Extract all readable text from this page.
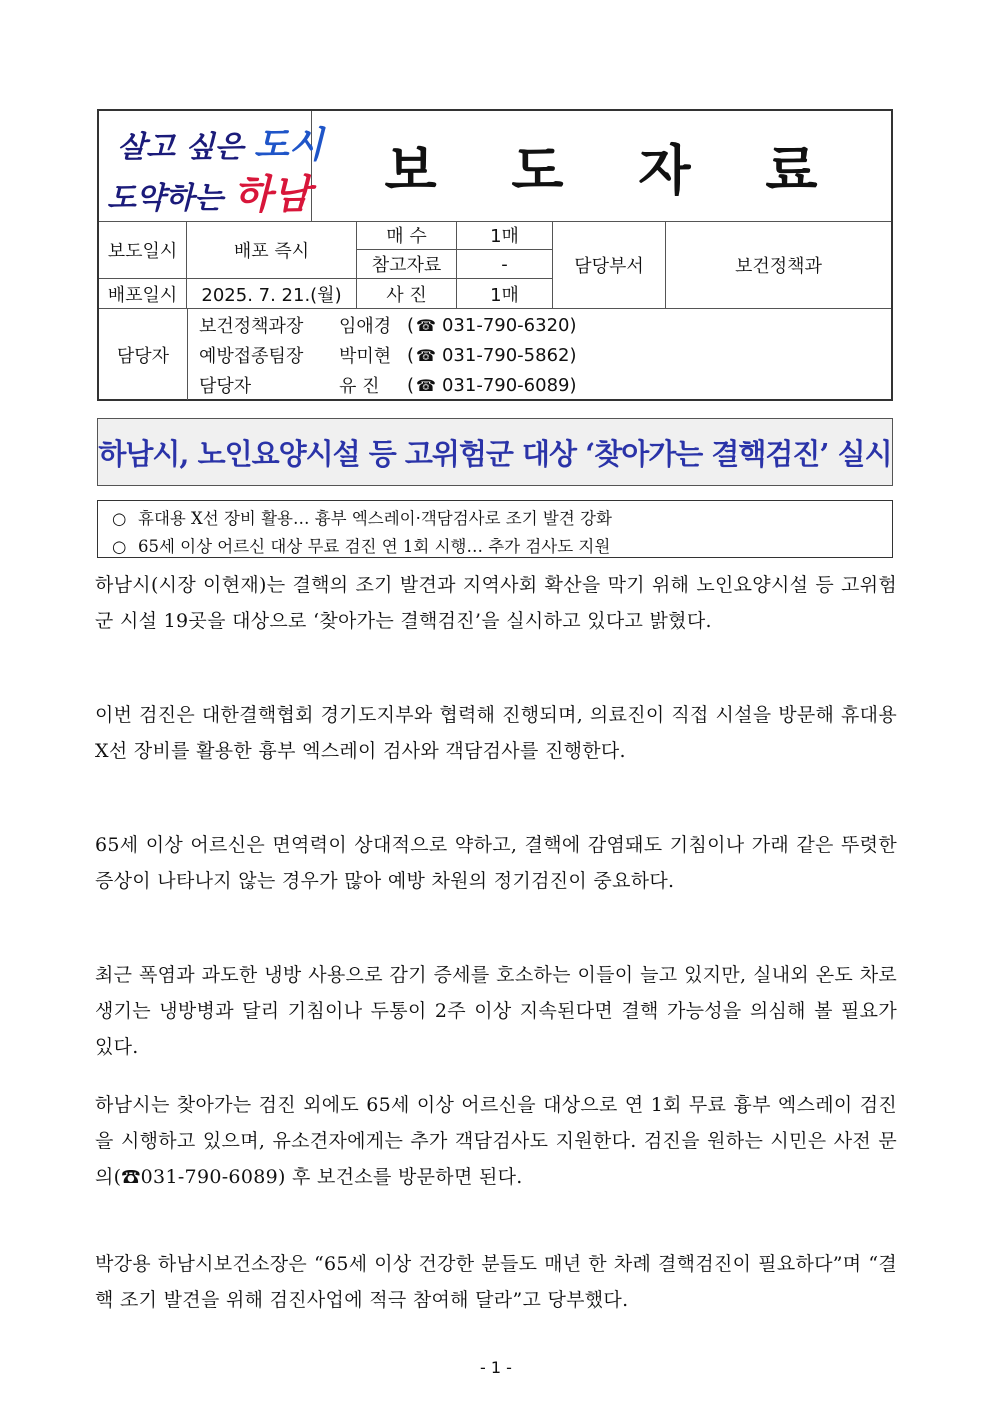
살고 싶은 도시
도약하는 하남	보 도 자 료
보도일시	배포 즉시
매 수	1매
참고자료	-
배포일시	2025. 7. 21.(월)	사 진	1매
담당부서	보건정책과
담당자
보건정책과장	임애경 ( ☎ 031-790-6320 )
예방접종팀장	박미현 ( ☎ 031-790-5862 )
담당자	유 진	( ☎ 031-790-6089 )
하남시, 노인요양시설 등 고위험군 대상 ‘찾아가는 결핵검진’ 실시
○ 휴대용 X선 장비 활용… 흉부 엑스레이·객담검사로 조기 발견 강화
○ 65세 이상 어르신 대상 무료 검진 연 1회 시행… 추가 검사도 지원

하남시(시장 이현재)는 결핵의 조기 발견과 지역사회 확산을 막기 위해 노인요양시설 등 고위험군 시설 19곳을 대상으로 ‘찾아가는 결핵검진’을 실시하고 있다고 밝혔다.

이번 검진은 대한결핵협회 경기도지부와 협력해 진행되며, 의료진이 직접 시설을 방문해 휴대용 X선 장비를 활용한 흉부 엑스레이 검사와 객담검사를 진행한다.

65세 이상 어르신은 면역력이 상대적으로 약하고, 결핵에 감염돼도 기침이나 가래 같은 뚜렷한 증상이 나타나지 않는 경우가 많아 예방 차원의 정기검진이 중요하다.

최근 폭염과 과도한 냉방 사용으로 감기 증세를 호소하는 이들이 늘고 있지만, 실내외 온도 차로 생기는 냉방병과 달리 기침이나 두통이 2주 이상 지속된다면 결핵 가능성을 의심해 볼 필요가 있다.

하남시는 찾아가는 검진 외에도 65세 이상 어르신을 대상으로 연 1회 무료 흉부 엑스레이 검진을 시행하고 있으며, 유소견자에게는 추가 객담검사도 지원한다. 검진을 원하는 시민은 사전 문의(☎031-790-6089) 후 보건소를 방문하면 된다.

박강용 하남시보건소장은 “65세 이상 건강한 분들도 매년 한 차례 결핵검진이 필요하다”며 “결핵 조기 발견을 위해 검진사업에 적극 참여해 달라”고 당부했다.

- 1 -
